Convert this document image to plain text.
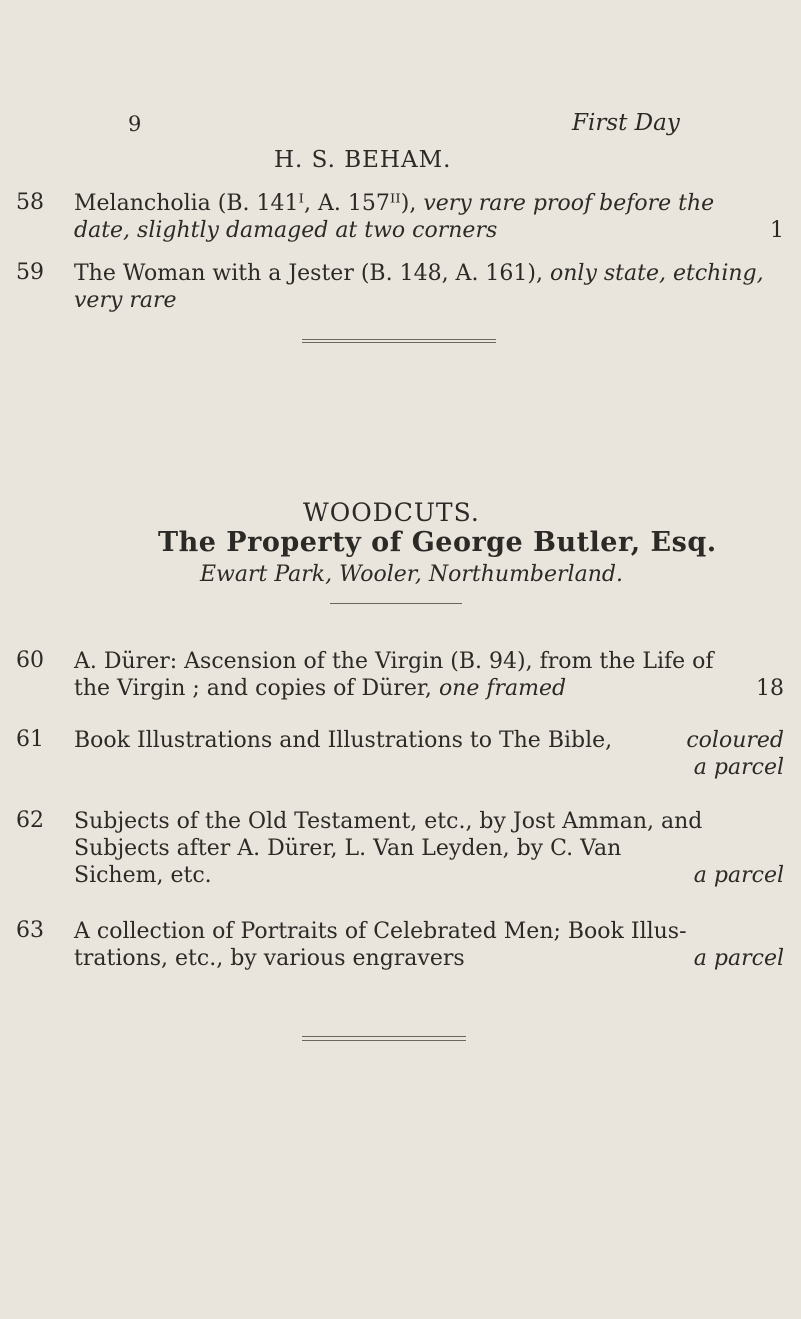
9	First Day
H. S. BEHAM.
58 Melancholia (B. 141ᴵ, A. 157ᴵᴵ), very rare proof before the
date, slightly damaged at two corners	1
59 The Woman with a Jester (B. 148, A. 161), only state, etching,
very rare
WOODCUTS.
The Property of George Butler, Esq.
Ewart Park, Wooler, Northumberland.
60 A. Dürer: Ascension of the Virgin (B. 94), from the Life of
the Virgin ; and copies of Dürer, one framed	18
61 Book Illustrations and Illustrations to The Bible,	coloured
a parcel
62 Subjects of the Old Testament, etc., by Jost Amman, and
Subjects after A. Dürer, L. Van Leyden, by C. Van
Sichem, etc.	a parcel
63 A collection of Portraits of Celebrated Men; Book Illus-
trations, etc., by various engravers	a parcel
